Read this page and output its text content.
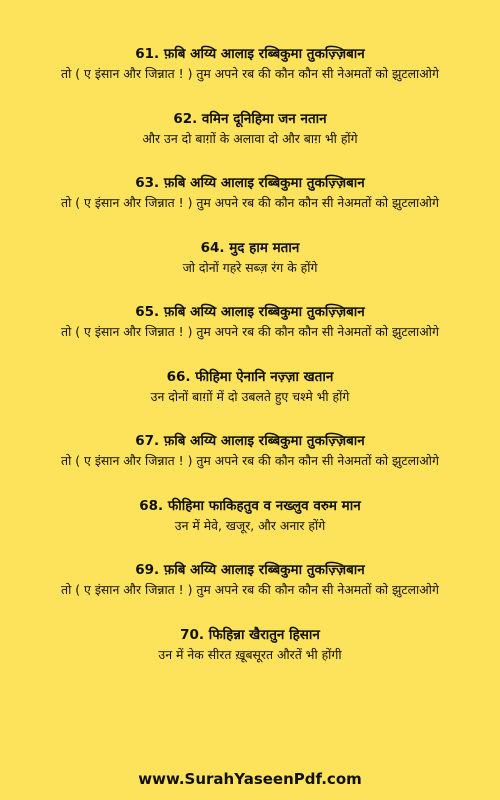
61. फ़बि अय्यि आलाइ रब्बिकुमा तुकज़्ज़िबान
तो ( ए इंसान और जिन्नात ! ) तुम अपने रब की कौन कौन सी नेअमतों को झुटलाओगे
62. वमिन दूनिहिमा जन नतान
और उन दो बाग़ों के अलावा दो और बाग़ भी होंगे
63. फ़बि अय्यि आलाइ रब्बिकुमा तुकज़्ज़िबान
तो ( ए इंसान और जिन्नात ! ) तुम अपने रब की कौन कौन सी नेअमतों को झुटलाओगे
64. मुद हाम मतान
जो दोनों गहरे सब्ज़ रंग के होंगे
65. फ़बि अय्यि आलाइ रब्बिकुमा तुकज़्ज़िबान
तो ( ए इंसान और जिन्नात ! ) तुम अपने रब की कौन कौन सी नेअमतों को झुटलाओगे
66. फीहिमा ऐनानि नज़्ज़ा खतान
उन दोनों बाग़ों में दो उबलते हुए चश्मे भी होंगे
67. फ़बि अय्यि आलाइ रब्बिकुमा तुकज़्ज़िबान
तो ( ए इंसान और जिन्नात ! ) तुम अपने रब की कौन कौन सी नेअमतों को झुटलाओगे
68. फीहिमा फाकिहतुव व नख्लुव वरुम मान
उन में मेवे, खजूर, और अनार होंगे
69. फ़बि अय्यि आलाइ रब्बिकुमा तुकज़्ज़िबान
तो ( ए इंसान और जिन्नात ! ) तुम अपने रब की कौन कौन सी नेअमतों को झुटलाओगे
70. फिहिन्ना खैरातुन हिसान
उन में नेक सीरत ख़ूबसूरत औरतें भी होंगी
www.SurahYaseenPdf.com
